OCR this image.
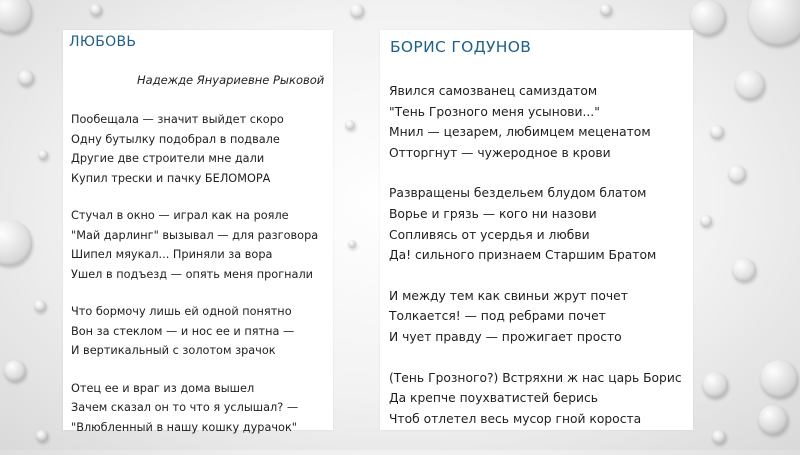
ЛЮБОВЬ
Надежде Януариевне Рыковой

Пообещала — значит выйдет скоро
Одну бутылку подобрал в подвале
Другие две строители мне дали
Купил трески и пачку БЕЛОМОРА

Стучал в окно — играл как на рояле
"Май дарлинг" вызывал — для разговора
Шипел мяукал... Приняли за вора
Ушел в подъезд — опять меня прогнали

Что бормочу лишь ей одной понятно
Вон за стеклом — и нос ее и пятна —
И вертикальный с золотом зрачок

Отец ее и враг из дома вышел
Зачем сказал он то что я услышал? —
"Влюбленный в нашу кошку дурачок"

БОРИС ГОДУНОВ

Явился самозванец самиздатом
"Тень Грозного меня усынови..."
Мнил — цезарем, любимцем меценатом
Отторгнут — чужеродное в крови

Развращены бездельем блудом блатом
Ворье и грязь — кого ни назови
Сопливясь от усердья и любви
Да! сильного признаем Старшим Братом

И между тем как свиньи жрут почет
Толкается! — под ребрами почет
И чует правду — прожигает просто

(Тень Грозного?) Встряхни ж нас царь Борис
Да крепче поухватистей берись
Чтоб отлетел весь мусор гной короста
